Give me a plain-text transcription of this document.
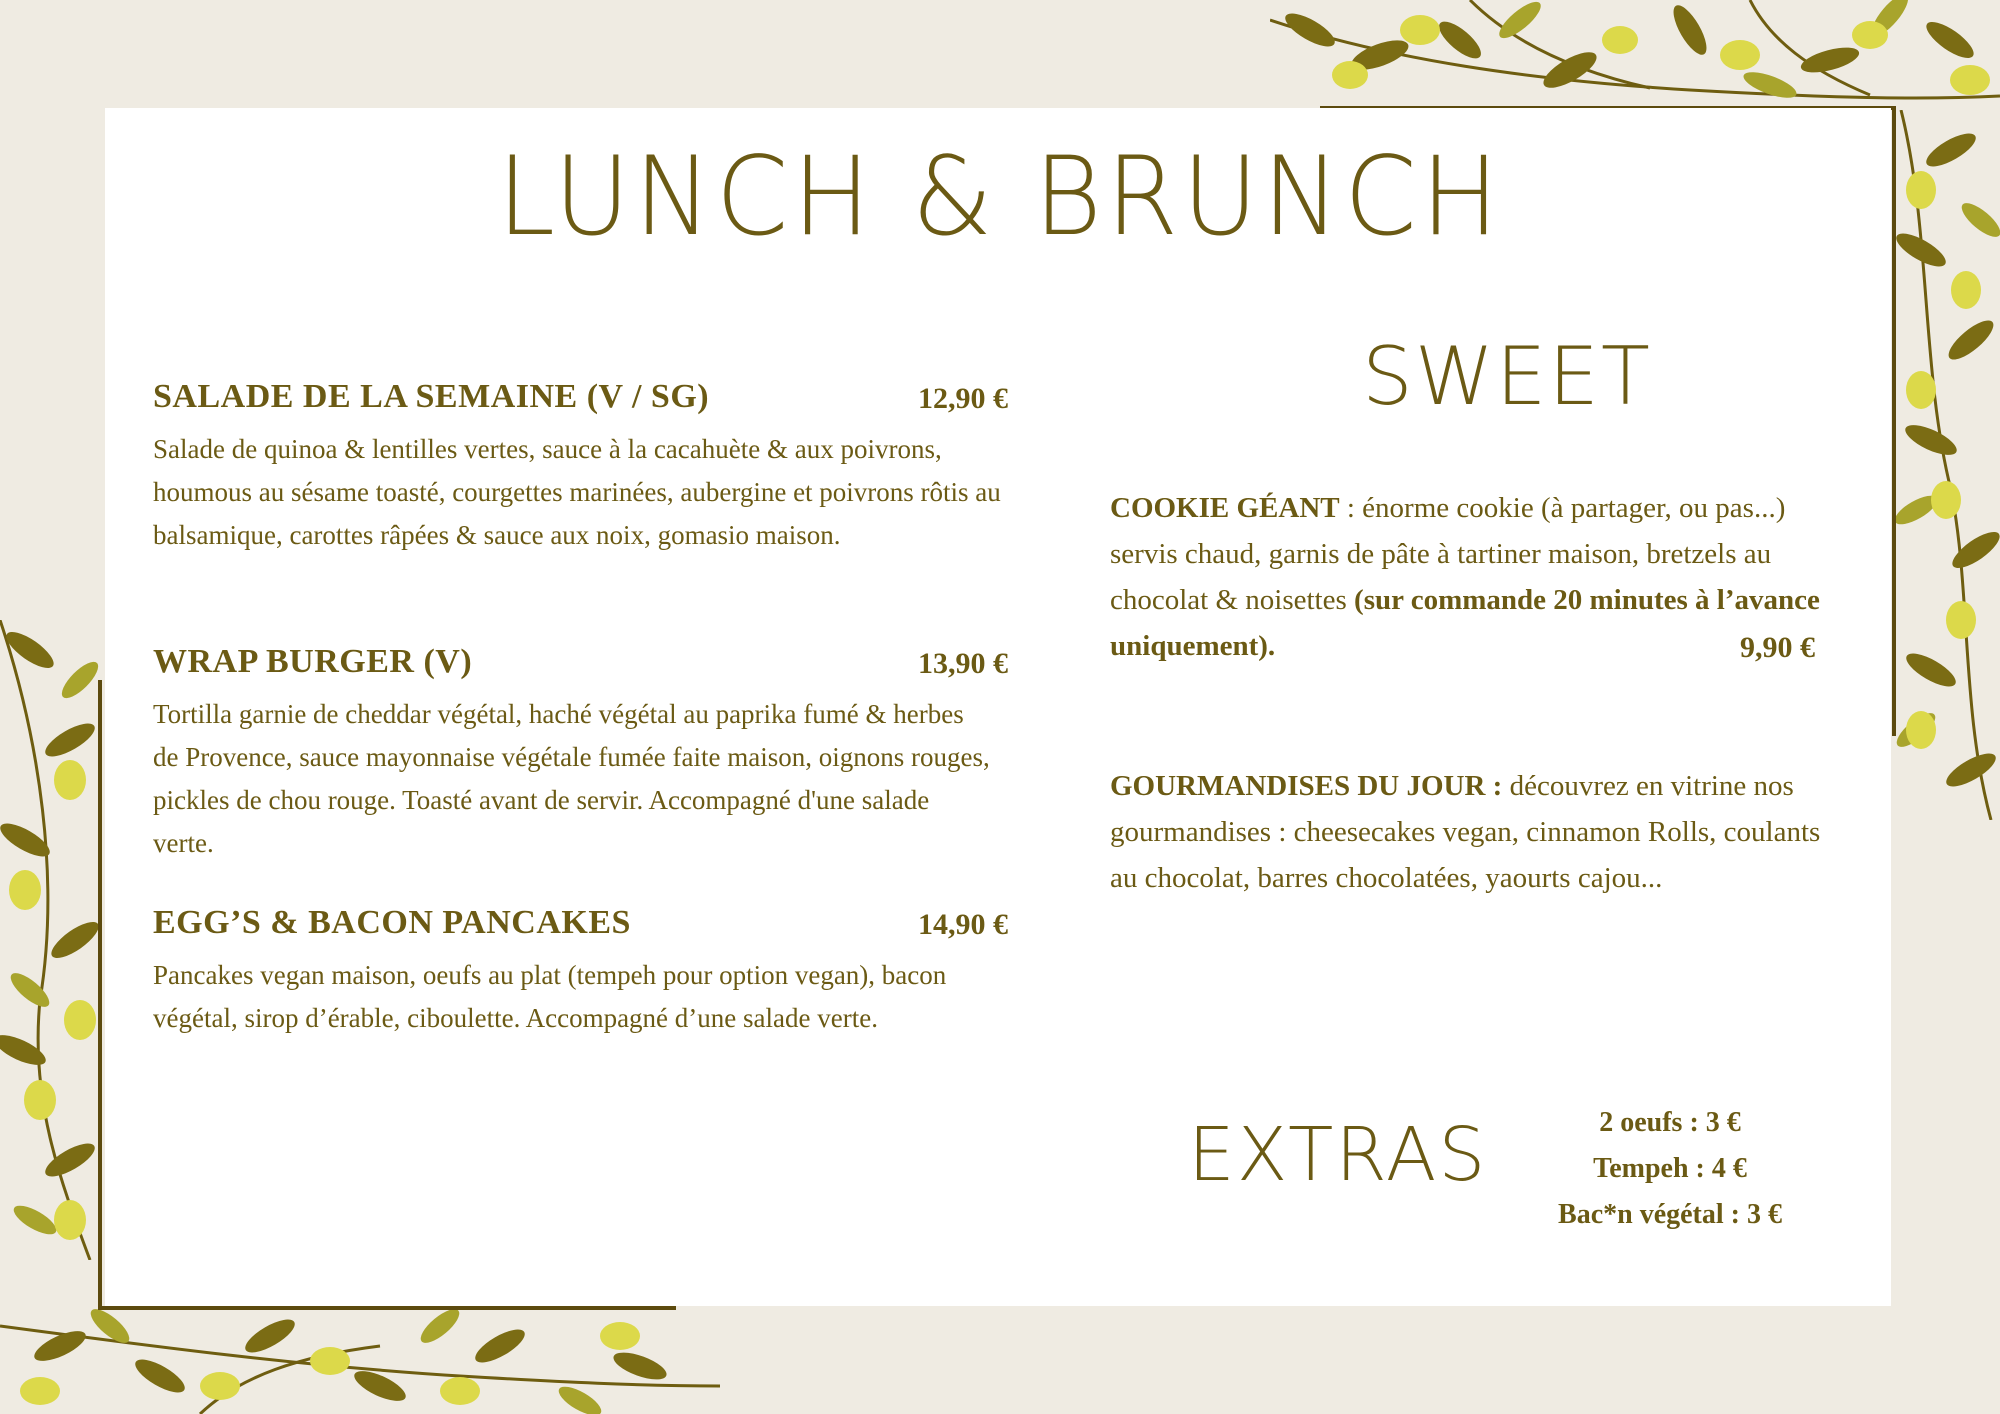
LUNCH & BRUNCH
SALADE DE LA SEMAINE (V / SG)	12,90 €
Salade de quinoa & lentilles vertes, sauce à la cacahuète & aux poivrons, houmous au sésame toasté, courgettes marinées, aubergine et poivrons rôtis au balsamique, carottes râpées & sauce aux noix, gomasio maison.
WRAP BURGER (V)	13,90 €
Tortilla garnie de cheddar végétal, haché végétal au paprika fumé & herbes de Provence, sauce mayonnaise végétale fumée faite maison, oignons rouges, pickles de chou rouge. Toasté avant de servir. Accompagné d'une salade verte.
EGG’S & BACON PANCAKES	14,90 €
Pancakes vegan maison, oeufs au plat (tempeh pour option vegan), bacon végétal, sirop d’érable, ciboulette. Accompagné d’une salade verte.
SWEET
COOKIE GÉANT : énorme cookie (à partager, ou pas...) servis chaud, garnis de pâte à tartiner maison, bretzels au chocolat & noisettes (sur commande 20 minutes à l’avance uniquement).	9,90 €
GOURMANDISES DU JOUR : découvrez en vitrine nos gourmandises : cheesecakes vegan, cinnamon Rolls, coulants au chocolat, barres chocolatées, yaourts cajou...
EXTRAS	2 oeufs : 3 €
Tempeh : 4 €
Bac*n végétal : 3 €
